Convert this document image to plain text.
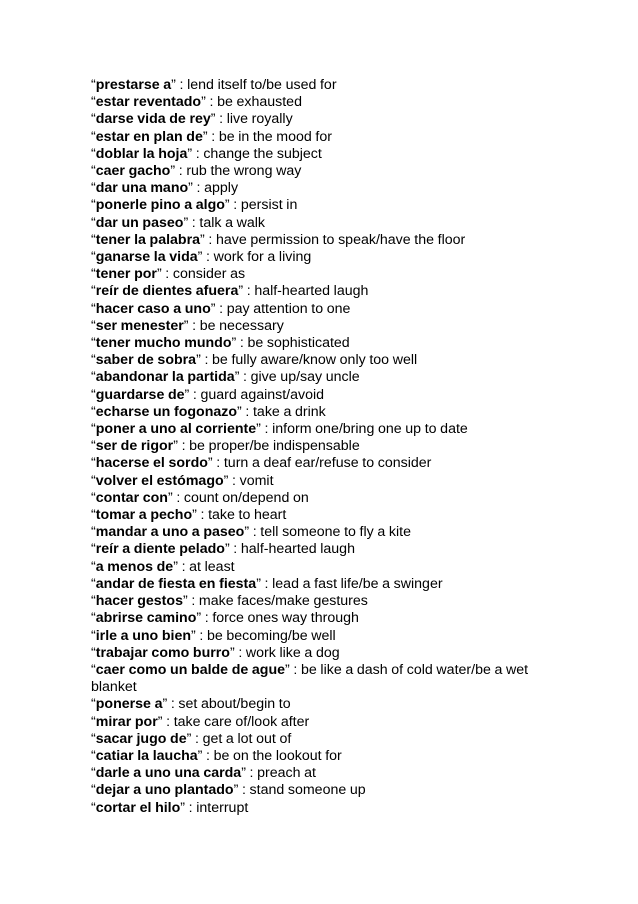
“prestarse a” : lend itself to/be used for
“estar reventado” : be exhausted
“darse vida de rey” : live royally
“estar en plan de” : be in the mood for
“doblar la hoja” : change the subject
“caer gacho” : rub the wrong way
“dar una mano” : apply
“ponerle pino a algo” : persist in
“dar un paseo” : talk a walk
“tener la palabra” : have permission to speak/have the floor
“ganarse la vida” : work for a living
“tener por” : consider as
“reír de dientes afuera” : half-hearted laugh
“hacer caso a uno” : pay attention to one
“ser menester” : be necessary
“tener mucho mundo” : be sophisticated
“saber de sobra” : be fully aware/know only too well
“abandonar la partida” : give up/say uncle
“guardarse de” : guard against/avoid
“echarse un fogonazo” : take a drink
“poner a uno al corriente” : inform one/bring one up to date
“ser de rigor” : be proper/be indispensable
“hacerse el sordo” : turn a deaf ear/refuse to consider
“volver el estómago” : vomit
“contar con” : count on/depend on
“tomar a pecho” : take to heart
“mandar a uno a paseo” : tell someone to fly a kite
“reír a diente pelado” : half-hearted laugh
“a menos de” : at least
“andar de fiesta en fiesta” : lead a fast life/be a swinger
“hacer gestos” : make faces/make gestures
“abrirse camino” : force ones way through
“irle a uno bien” : be becoming/be well
“trabajar como burro” : work like a dog
“caer como un balde de ague” : be like a dash of cold water/be a wet blanket
“ponerse a” : set about/begin to
“mirar por” : take care of/look after
“sacar jugo de” : get a lot out of
“catiar la laucha” : be on the lookout for
“darle a uno una carda” : preach at
“dejar a uno plantado” : stand someone up
“cortar el hilo” : interrupt
